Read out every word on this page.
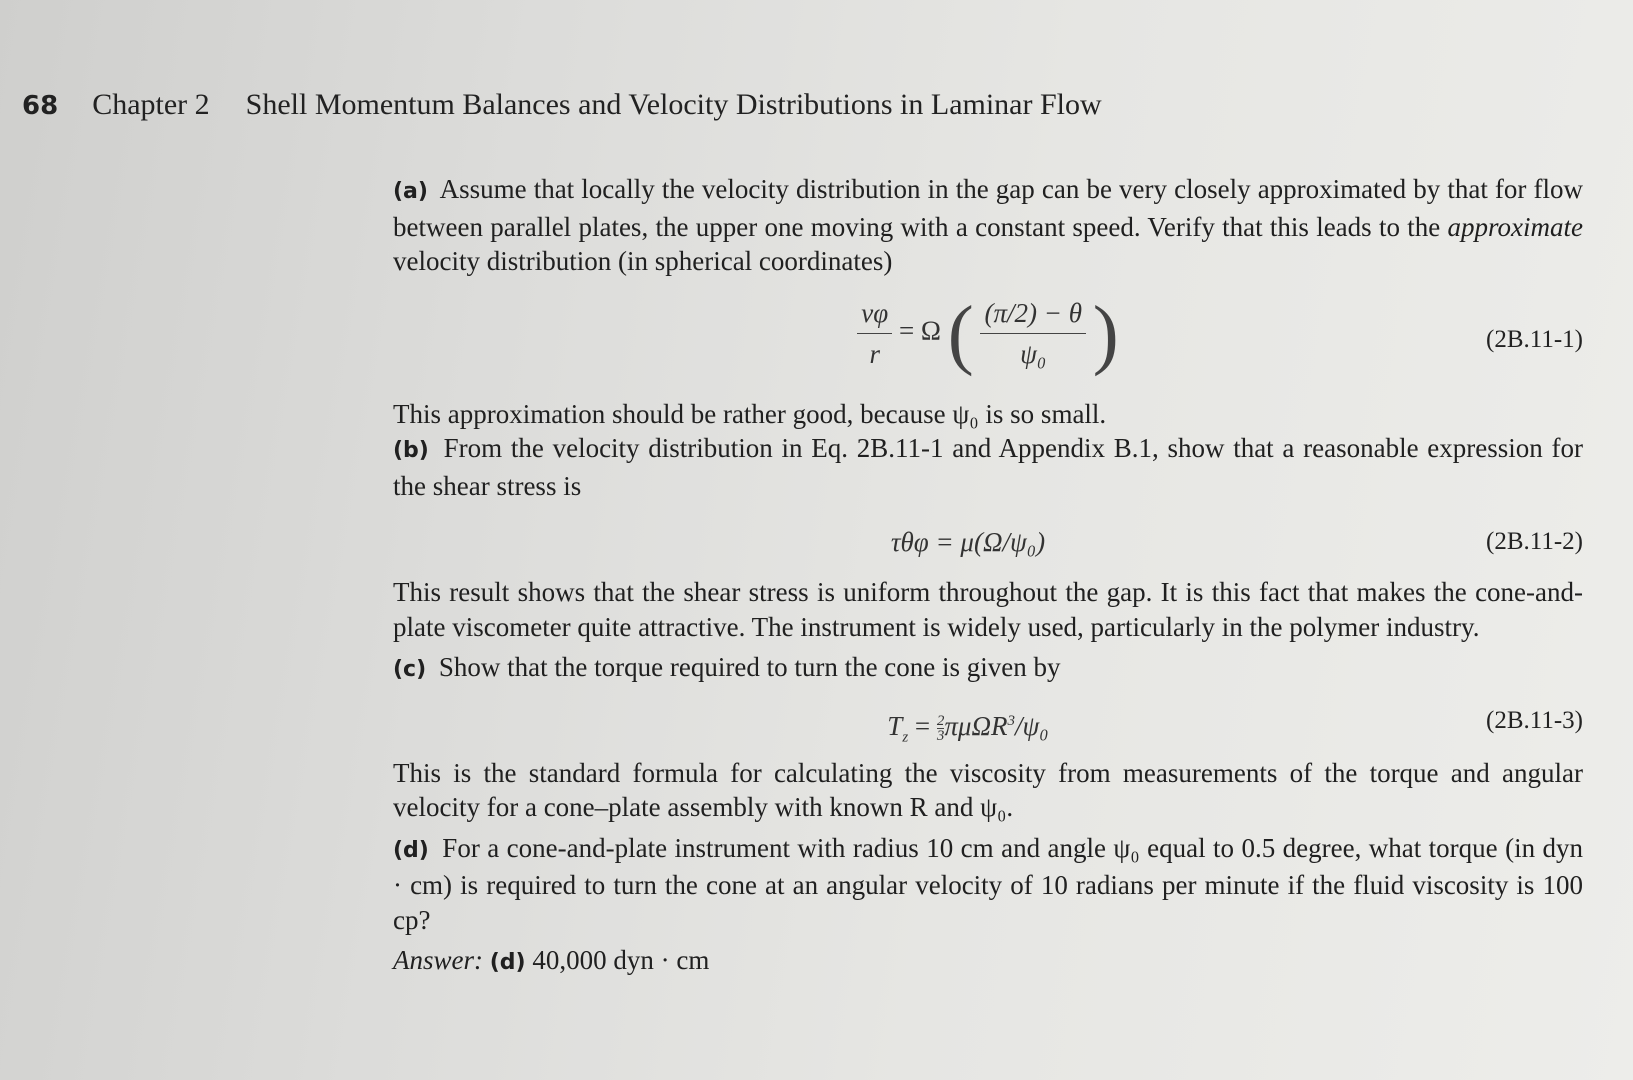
68 Chapter 2 Shell Momentum Balances and Velocity Distributions in Laminar Flow

(a) Assume that locally the velocity distribution in the gap can be very closely approximated by that for flow between parallel plates, the upper one moving with a constant speed. Verify that this leads to the approximate velocity distribution (in spherical coordinates)

$\frac{v\varphi}{r} = \Omega$ ( $\frac{(\pi/2) - \theta}{\text{ψ₀}}$ )	(2B.11-1)

This approximation should be rather good, because ψ₀ is so small.

(b) From the velocity distribution in Eq. 2B.11-1 and Appendix B.1, show that a reasonable expression for the shear stress is

τθφ = μ(Ω/ψ₀)	(2B.11-2)

This result shows that the shear stress is uniform throughout the gap. It is this fact that makes the cone-and-plate viscometer quite attractive. The instrument is widely used, particularly in the polymer industry.

(c) Show that the torque required to turn the cone is given by

$T_z = \frac{2}{3} \pi\mu\Omega R^3/\psi_0$	(2B.11-3)

This is the standard formula for calculating the viscosity from measurements of the torque and angular velocity for a cone–plate assembly with known R and ψ₀.

(d) For a cone-and-plate instrument with radius 10 cm and angle ψ₀ equal to 0.5 degree, what torque (in dyn · cm) is required to turn the cone at an angular velocity of 10 radians per minute if the fluid viscosity is 100 cp?

Answer: (d) 40,000 dyn · cm
